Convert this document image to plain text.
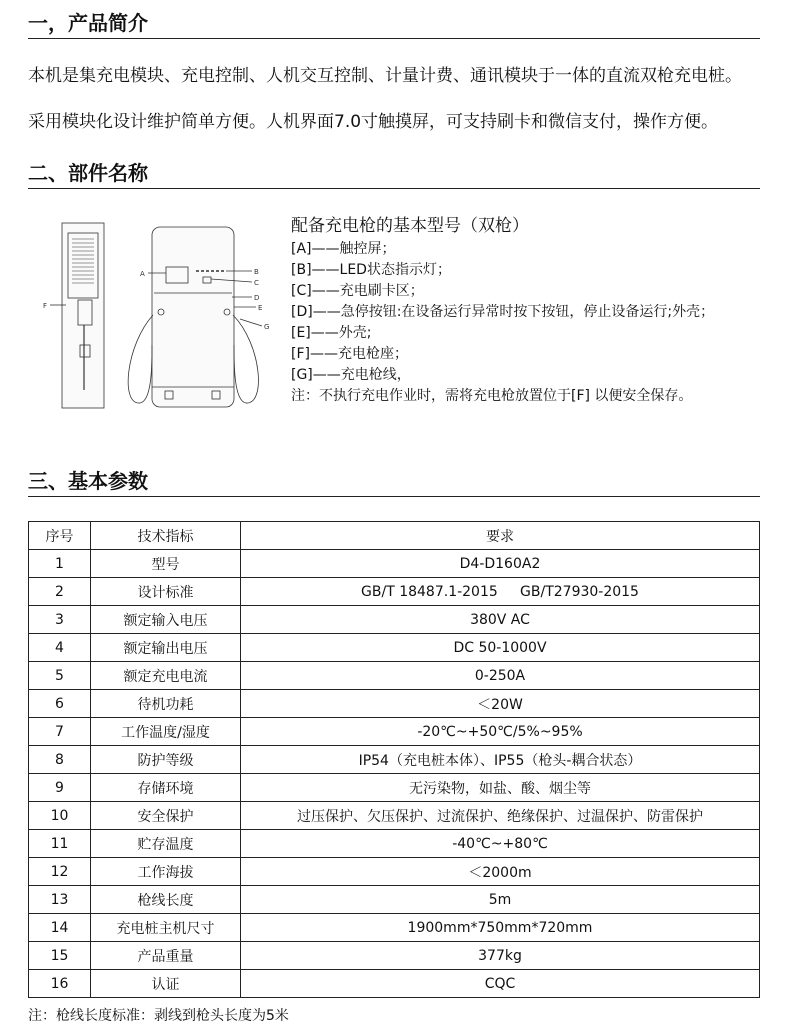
一，产品简介
本机是集充电模块、充电控制、人机交互控制、计量计费、通讯模块于一体的直流双枪充电桩。
采用模块化设计维护简单方便。人机界面7.0寸触摸屏，可支持刷卡和微信支付，操作方便。
二、部件名称
A	B
C
D
E
F
G
配备充电枪的基本型号（双枪）
[A]——触控屏；
[B]——LED状态指示灯；
[C]——充电刷卡区；
[D]——急停按钮:在设备运行异常时按下按钮，停止设备运行;外壳；
[E]——外壳;
[F]——充电枪座；
[G]——充电枪线，
注：不执行充电作业时，需将充电枪放置位于[F] 以便安全保存。
三、基本参数
序号	技术指标	要求
1	型号	D4-D160A2
2	设计标准	GB/T 18487.1-2015     GB/T27930-2015
3	额定输入电压	380V AC
4	额定输出电压	DC 50-1000V
5	额定充电电流	0-250A
6	待机功耗	＜20W
7	工作温度/湿度	-20℃~+50℃/5%~95%
8	防护等级	IP54（充电桩本体）、IP55（枪头-耦合状态）
9	存储环境	无污染物，如盐、酸、烟尘等
10	安全保护	过压保护、欠压保护、过流保护、绝缘保护、过温保护、防雷保护
11	贮存温度	-40℃~+80℃
12	工作海拔	＜2000m
13	枪线长度	5m
14	充电桩主机尺寸	1900mm*750mm*720mm
15	产品重量	377kg
16	认证	CQC
注：枪线长度标准：剥线到枪头长度为5米
